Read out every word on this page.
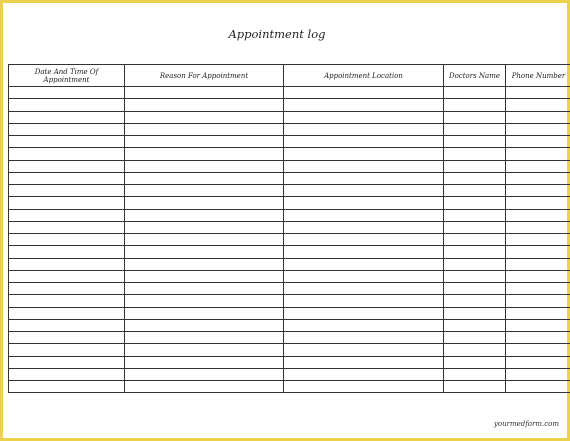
Appointment log
Date And Time Of Appointment	Reason For Appointment	Appointment Location	Doctors Name	Phone Number

yourmedform.com
